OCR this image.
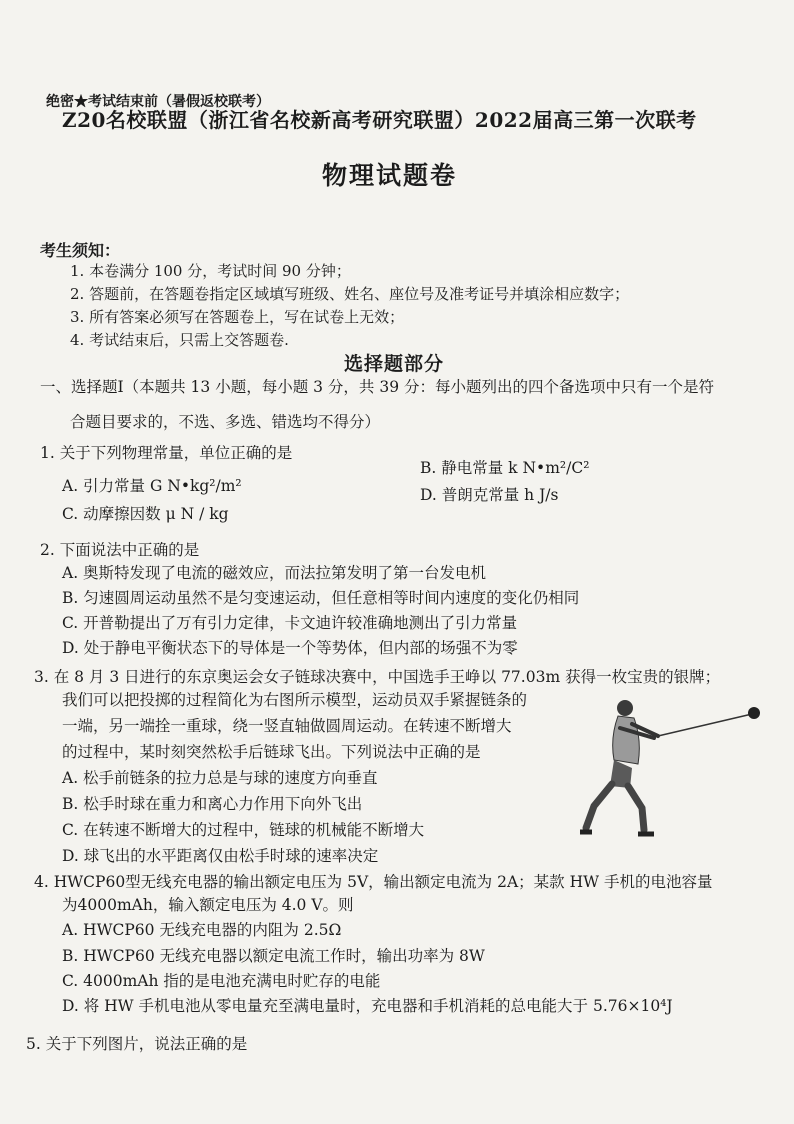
绝密★考试结束前（暑假返校联考）
Z20名校联盟（浙江省名校新高考研究联盟）2022届高三第一次联考
物理试题卷
考生须知：
1. 本卷满分 100 分，考试时间 90 分钟；
2. 答题前，在答题卷指定区域填写班级、姓名、座位号及准考证号并填涂相应数字；
3. 所有答案必须写在答题卷上，写在试卷上无效；
4. 考试结束后，只需上交答题卷.
选择题部分
一、选择题Ⅰ（本题共 13 小题，每小题 3 分，共 39 分：每小题列出的四个备选项中只有一个是符
合题目要求的，不选、多选、错选均不得分）
1. 关于下列物理常量，单位正确的是
A. 引力常量 G N•kg²/m²
B. 静电常量 k N•m²/C²
C. 动摩擦因数 μ N / kg
D. 普朗克常量 h J/s
2. 下面说法中正确的是
A. 奥斯特发现了电流的磁效应，而法拉第发明了第一台发电机
B. 匀速圆周运动虽然不是匀变速运动，但任意相等时间内速度的变化仍相同
C. 开普勒提出了万有引力定律，卡文迪许较准确地测出了引力常量
D. 处于静电平衡状态下的导体是一个等势体，但内部的场强不为零
3. 在 8 月 3 日进行的东京奥运会女子链球决赛中，中国选手王峥以 77.03m 获得一枚宝贵的银牌；
我们可以把投掷的过程简化为右图所示模型，运动员双手紧握链条的
一端，另一端拴一重球，绕一竖直轴做圆周运动。在转速不断增大
的过程中，某时刻突然松手后链球飞出。下列说法中正确的是
A. 松手前链条的拉力总是与球的速度方向垂直
B. 松手时球在重力和离心力作用下向外飞出
C. 在转速不断增大的过程中，链球的机械能不断增大
D. 球飞出的水平距离仅由松手时球的速率决定
4. HWCP60型无线充电器的输出额定电压为 5V，输出额定电流为 2A；某款 HW 手机的电池容量
为4000mAh，输入额定电压为 4.0 V。则
A. HWCP60 无线充电器的内阻为 2.5Ω
B. HWCP60 无线充电器以额定电流工作时，输出功率为 8W
C. 4000mAh 指的是电池充满电时贮存的电能
D. 将 HW 手机电池从零电量充至满电量时，充电器和手机消耗的总电能大于 5.76×10⁴J
5. 关于下列图片，说法正确的是
